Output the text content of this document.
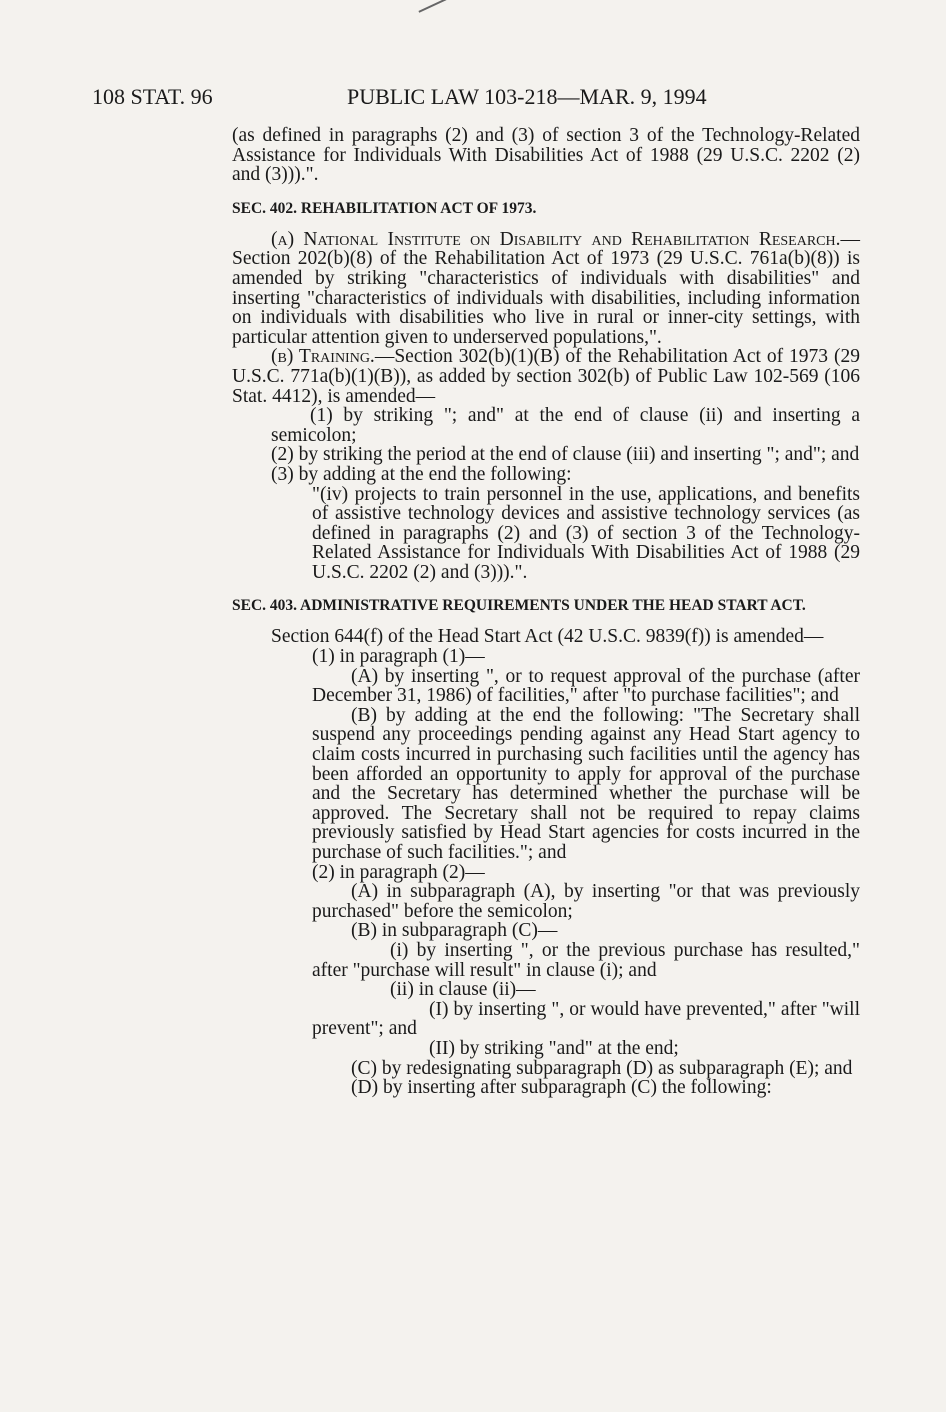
108 STAT. 96	PUBLIC LAW 103-218—MAR. 9, 1994

(as defined in paragraphs (2) and (3) of section 3 of the Technology-Related Assistance for Individuals With Disabilities Act of 1988 (29 U.S.C. 2202 (2) and (3))).".

SEC. 402. REHABILITATION ACT OF 1973.

(a) National Institute on Disability and Rehabilitation Research.—Section 202(b)(8) of the Rehabilitation Act of 1973 (29 U.S.C. 761a(b)(8)) is amended by striking "characteristics of individuals with disabilities" and inserting "characteristics of individuals with disabilities, including information on individuals with disabilities who live in rural or inner-city settings, with particular attention given to underserved populations,".

(b) Training.—Section 302(b)(1)(B) of the Rehabilitation Act of 1973 (29 U.S.C. 771a(b)(1)(B)), as added by section 302(b) of Public Law 102-569 (106 Stat. 4412), is amended—

(1) by striking "; and" at the end of clause (ii) and inserting a semicolon;

(2) by striking the period at the end of clause (iii) and inserting "; and"; and

(3) by adding at the end the following:

"(iv) projects to train personnel in the use, applications, and benefits of assistive technology devices and assistive technology services (as defined in paragraphs (2) and (3) of section 3 of the Technology-Related Assistance for Individuals With Disabilities Act of 1988 (29 U.S.C. 2202 (2) and (3))).".

SEC. 403. ADMINISTRATIVE REQUIREMENTS UNDER THE HEAD START ACT.

Section 644(f) of the Head Start Act (42 U.S.C. 9839(f)) is amended—

(1) in paragraph (1)—

(A) by inserting ", or to request approval of the purchase (after December 31, 1986) of facilities," after "to purchase facilities"; and

(B) by adding at the end the following: "The Secretary shall suspend any proceedings pending against any Head Start agency to claim costs incurred in purchasing such facilities until the agency has been afforded an opportunity to apply for approval of the purchase and the Secretary has determined whether the purchase will be approved. The Secretary shall not be required to repay claims previously satisfied by Head Start agencies for costs incurred in the purchase of such facilities."; and

(2) in paragraph (2)—

(A) in subparagraph (A), by inserting "or that was previously purchased" before the semicolon;

(B) in subparagraph (C)—

(i) by inserting ", or the previous purchase has resulted," after "purchase will result" in clause (i); and

(ii) in clause (ii)—

(I) by inserting ", or would have prevented," after "will prevent"; and

(II) by striking "and" at the end;

(C) by redesignating subparagraph (D) as subparagraph (E); and

(D) by inserting after subparagraph (C) the following:
